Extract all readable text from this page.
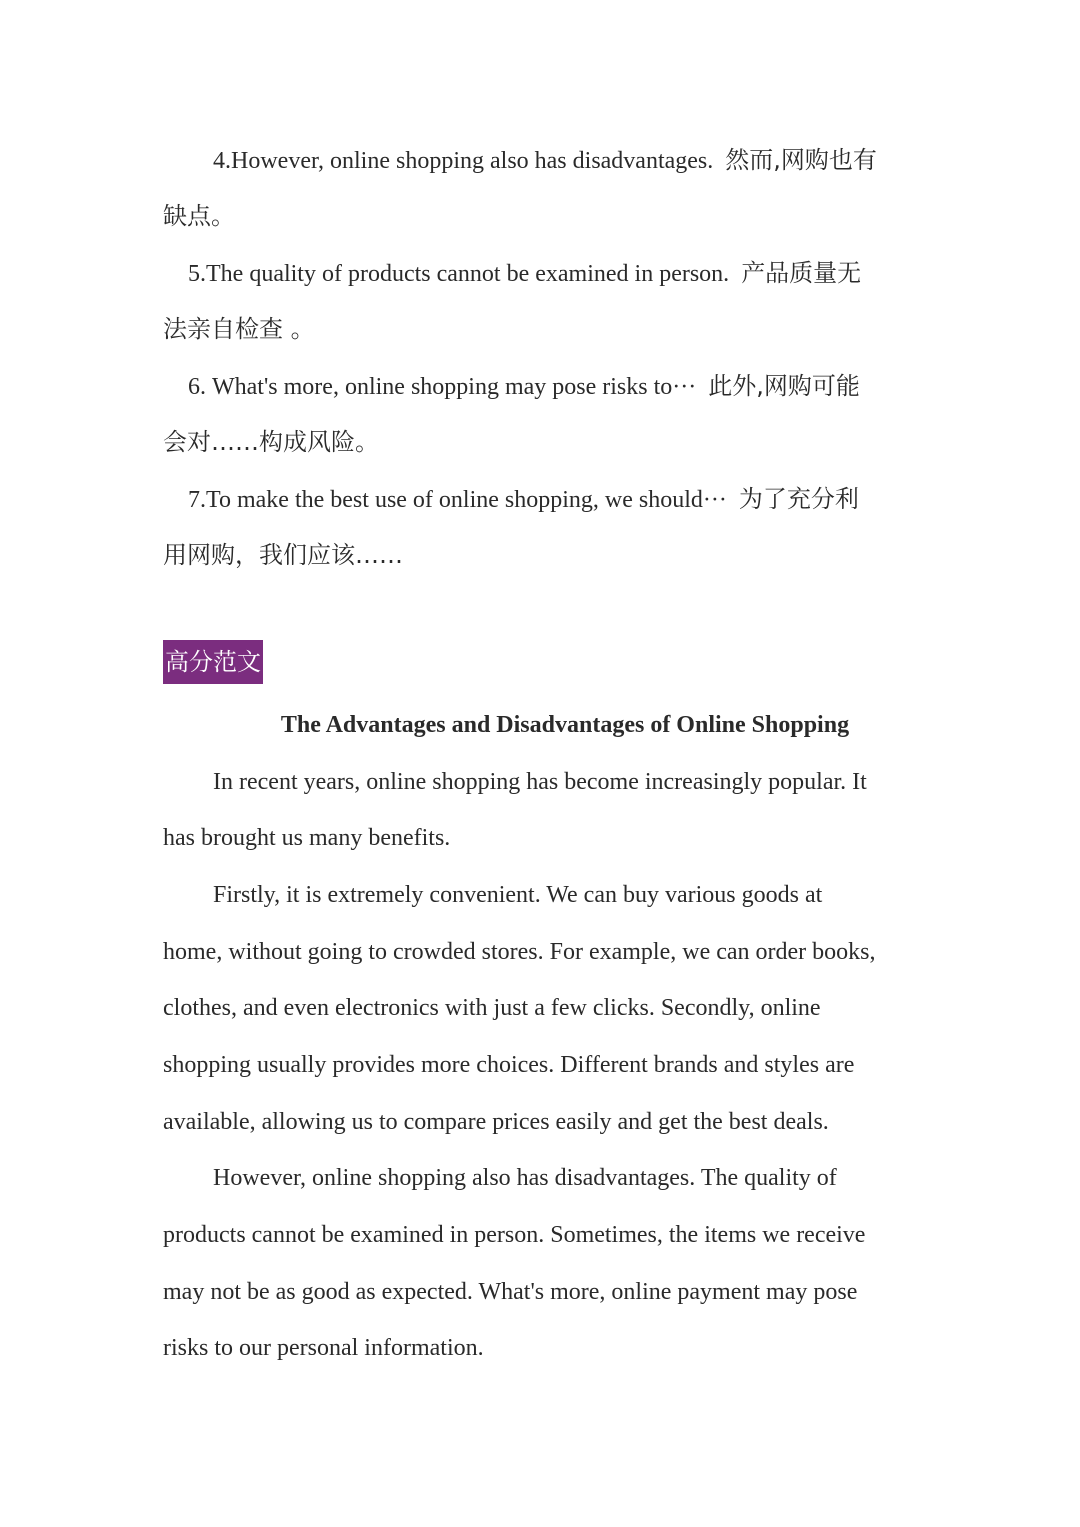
4.However, online shopping also has disadvantages. 然而,网购也有
缺点。
5.The quality of products cannot be examined in person. 产品质量无
法亲自检查 。
6. What's more, online shopping may pose risks to··· 此外,网购可能
会对……构成风险。
7.To make the best use of online shopping, we should··· 为了充分利
用网购，我们应该……
高分范文
The Advantages and Disadvantages of Online Shopping
In recent years, online shopping has become increasingly popular. It
has brought us many benefits.
Firstly, it is extremely convenient. We can buy various goods at
home, without going to crowded stores. For example, we can order books,
clothes, and even electronics with just a few clicks. Secondly, online
shopping usually provides more choices. Different brands and styles are
available, allowing us to compare prices easily and get the best deals.
However, online shopping also has disadvantages. The quality of
products cannot be examined in person. Sometimes, the items we receive
may not be as good as expected. What's more, online payment may pose
risks to our personal information.
